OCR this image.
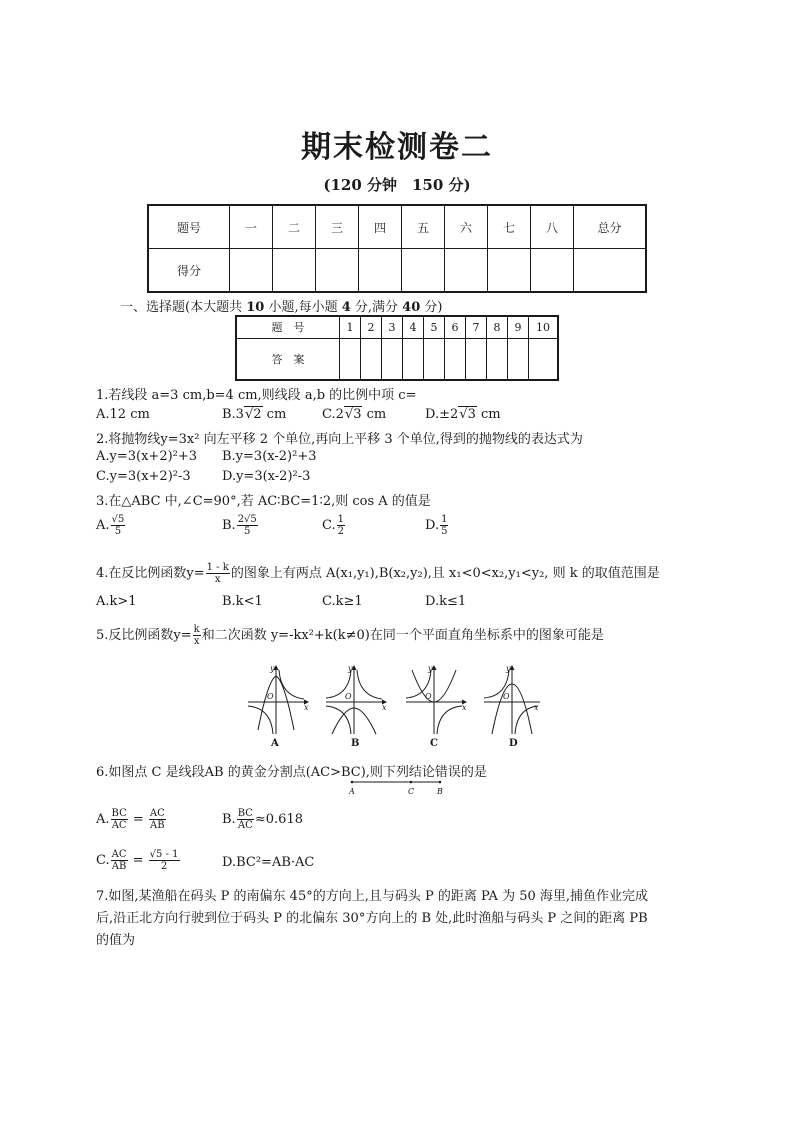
期末检测卷二
(120 分钟　150 分)
题号	一	二	三	四	五	六	七	八	总分
得分									
一、选择题(本大题共 10 小题,每小题 4 分,满分 40 分)
题　号	1	2	3	4	5	6	7	8	9	10
答　案										
1.若线段 a=3 cm,b=4 cm,则线段 a,b 的比例中项 c=
A.12 cm	B.3√2 cm	C.2√3 cm	D.±2√3 cm
2.将抛物线y=3x² 向左平移 2 个单位,再向上平移 3 个单位,得到的抛物线的表达式为
A.y=3(x+2)²+3 B.y=3(x-2)²+3
C.y=3(x+2)²-3 D.y=3(x-2)²-3
3.在△ABC 中,∠C=90°,若 AC∶BC=1∶2,则 cos A 的值是
A. $\frac{√5}{5}$	B. $\frac{2√5}{5}$	C. $\frac{1}{2}$	D. $\frac{1}{5}$
4.在反比例函数$y= \frac{1 - k}{x}$ 的图象上有两点 A(x₁,y₁),B(x₂,y₂),且 x₁<0<x₂,y₁<y₂, 则 k 的取值范围是
A.k>1	B.k<1	C.k≥1	D.k≤1
5.反比例函数$y= \frac{k}{x}$ 和二次函数 y=-kx²+k(k≠0)在同一个平面直角坐标系中的图象可能是
y
x
O
y
x
O
y
x
O
y
x
O
A	B	C	D
6.如图点 C 是线段AB 的黄金分割点(AC>BC),则下列结论错误的是
A	C	B
A. $\frac{BC}{AC} = \frac{AC}{AB}$	B. $\frac{BC}{AC} \approx 0.618$
C. $\frac{AC}{AB} = \frac{√5 - 1}{2}$	D.BC²=AB·AC
7.如图,某渔船在码头 P 的南偏东 45°的方向上,且与码头 P 的距离 PA 为 50 海里,捕鱼作业完成
后,沿正北方向行驶到位于码头 P 的北偏东 30°方向上的 B 处,此时渔船与码头 P 之间的距离 PB
的值为
